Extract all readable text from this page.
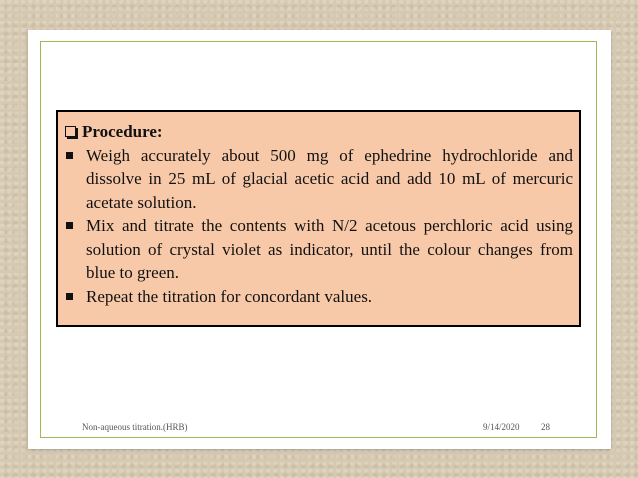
Procedure:
Weigh accurately about 500 mg of ephedrine hydrochloride and dissolve in 25 mL of glacial acetic acid and add 10 mL of mercuric acetate solution.
Mix and titrate the contents with N/2 acetous perchloric acid using solution of crystal violet as indicator, until the colour changes from blue to green.
Repeat the titration for concordant values.
Non-aqueous titration.(HRB)	9/14/2020 28
